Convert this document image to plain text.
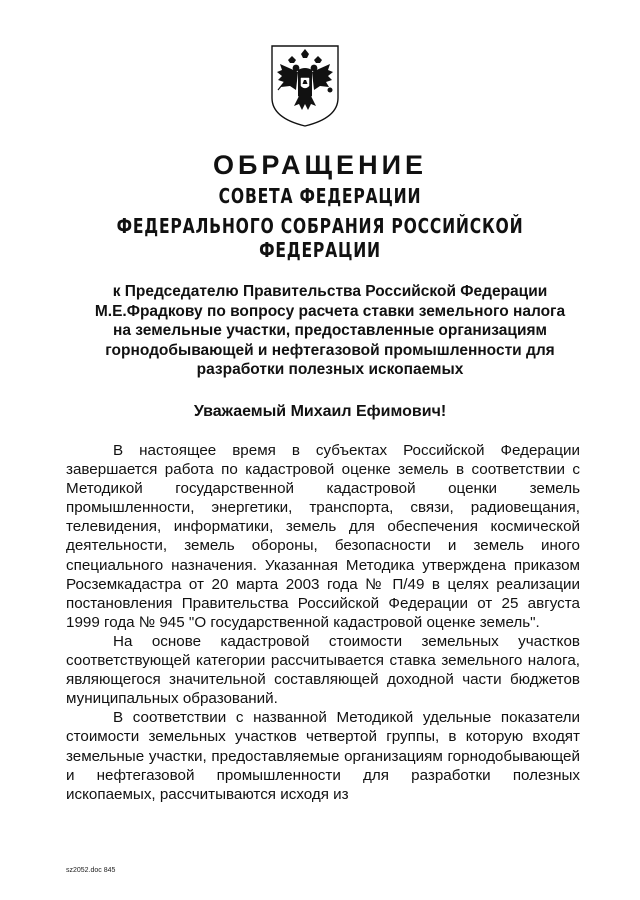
ОБРАЩЕНИЕ
СОВЕТА ФЕДЕРАЦИИ
ФЕДЕРАЛЬНОГО СОБРАНИЯ РОССИЙСКОЙ ФЕДЕРАЦИИ
к Председателю Правительства Российской Федерации
М.Е.Фрадкову по вопросу расчета ставки земельного налога
на земельные участки, предоставленные организациям
горнодобывающей и нефтегазовой промышленности для
разработки полезных ископаемых
Уважаемый Михаил Ефимович!

В настоящее время в субъектах Российской Федерации завершается работа по кадастровой оценке земель в соответствии с Методикой государственной кадастровой оценки земель промышленности, энергетики, транспорта, связи, радиовещания, телевидения, информатики, земель для обеспечения космической деятельности, земель обороны, безопасности и земель иного специального назначения. Указанная Методика утверждена приказом Росземкадастра от 20 марта 2003 года № П/49 в целях реализации постановления Правительства Российской Федерации от 25 августа 1999 года № 945 "О государственной кадастровой оценке земель".

На основе кадастровой стоимости земельных участков соответствующей категории рассчитывается ставка земельного налога, являющегося значительной составляющей доходной части бюджетов муниципальных образований.

В соответствии с названной Методикой удельные показатели стоимости земельных участков четвертой группы, в которую входят земельные участки, предоставляемые организациям горнодобывающей и нефтегазовой промышленности для разработки полезных ископаемых, рассчитываются исходя из

sz2052.doc 845
